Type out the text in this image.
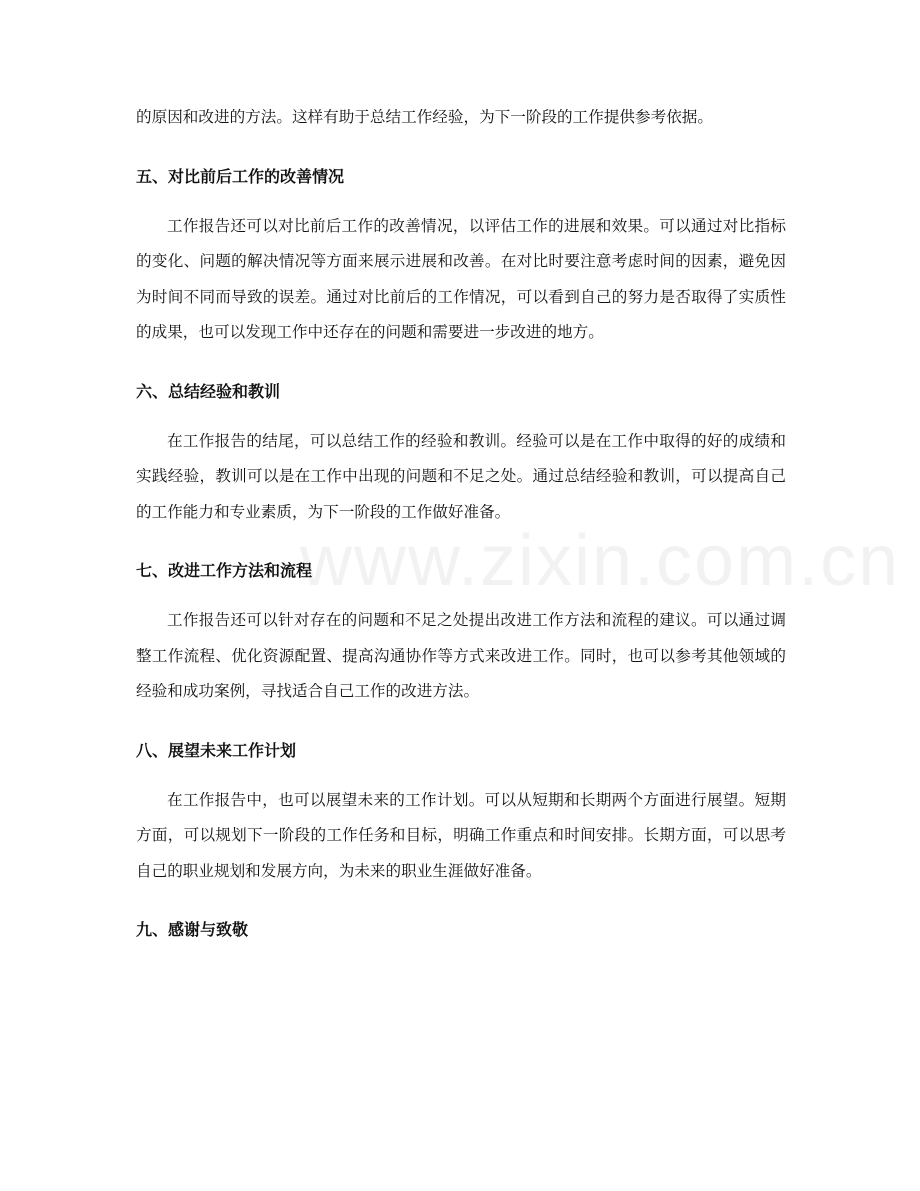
www.zixin.com.cn

的原因和改进的方法。这样有助于总结工作经验，为下一阶段的工作提供参考依据。

五、对比前后工作的改善情况

工作报告还可以对比前后工作的改善情况，以评估工作的进展和效果。可以通过对比指标的变化、问题的解决情况等方面来展示进展和改善。在对比时要注意考虑时间的因素，避免因为时间不同而导致的误差。通过对比前后的工作情况，可以看到自己的努力是否取得了实质性的成果，也可以发现工作中还存在的问题和需要进一步改进的地方。

六、总结经验和教训

在工作报告的结尾，可以总结工作的经验和教训。经验可以是在工作中取得的好的成绩和实践经验，教训可以是在工作中出现的问题和不足之处。通过总结经验和教训，可以提高自己的工作能力和专业素质，为下一阶段的工作做好准备。

七、改进工作方法和流程

工作报告还可以针对存在的问题和不足之处提出改进工作方法和流程的建议。可以通过调整工作流程、优化资源配置、提高沟通协作等方式来改进工作。同时，也可以参考其他领域的经验和成功案例，寻找适合自己工作的改进方法。

八、展望未来工作计划

在工作报告中，也可以展望未来的工作计划。可以从短期和长期两个方面进行展望。短期方面，可以规划下一阶段的工作任务和目标，明确工作重点和时间安排。长期方面，可以思考自己的职业规划和发展方向，为未来的职业生涯做好准备。

九、感谢与致敬
